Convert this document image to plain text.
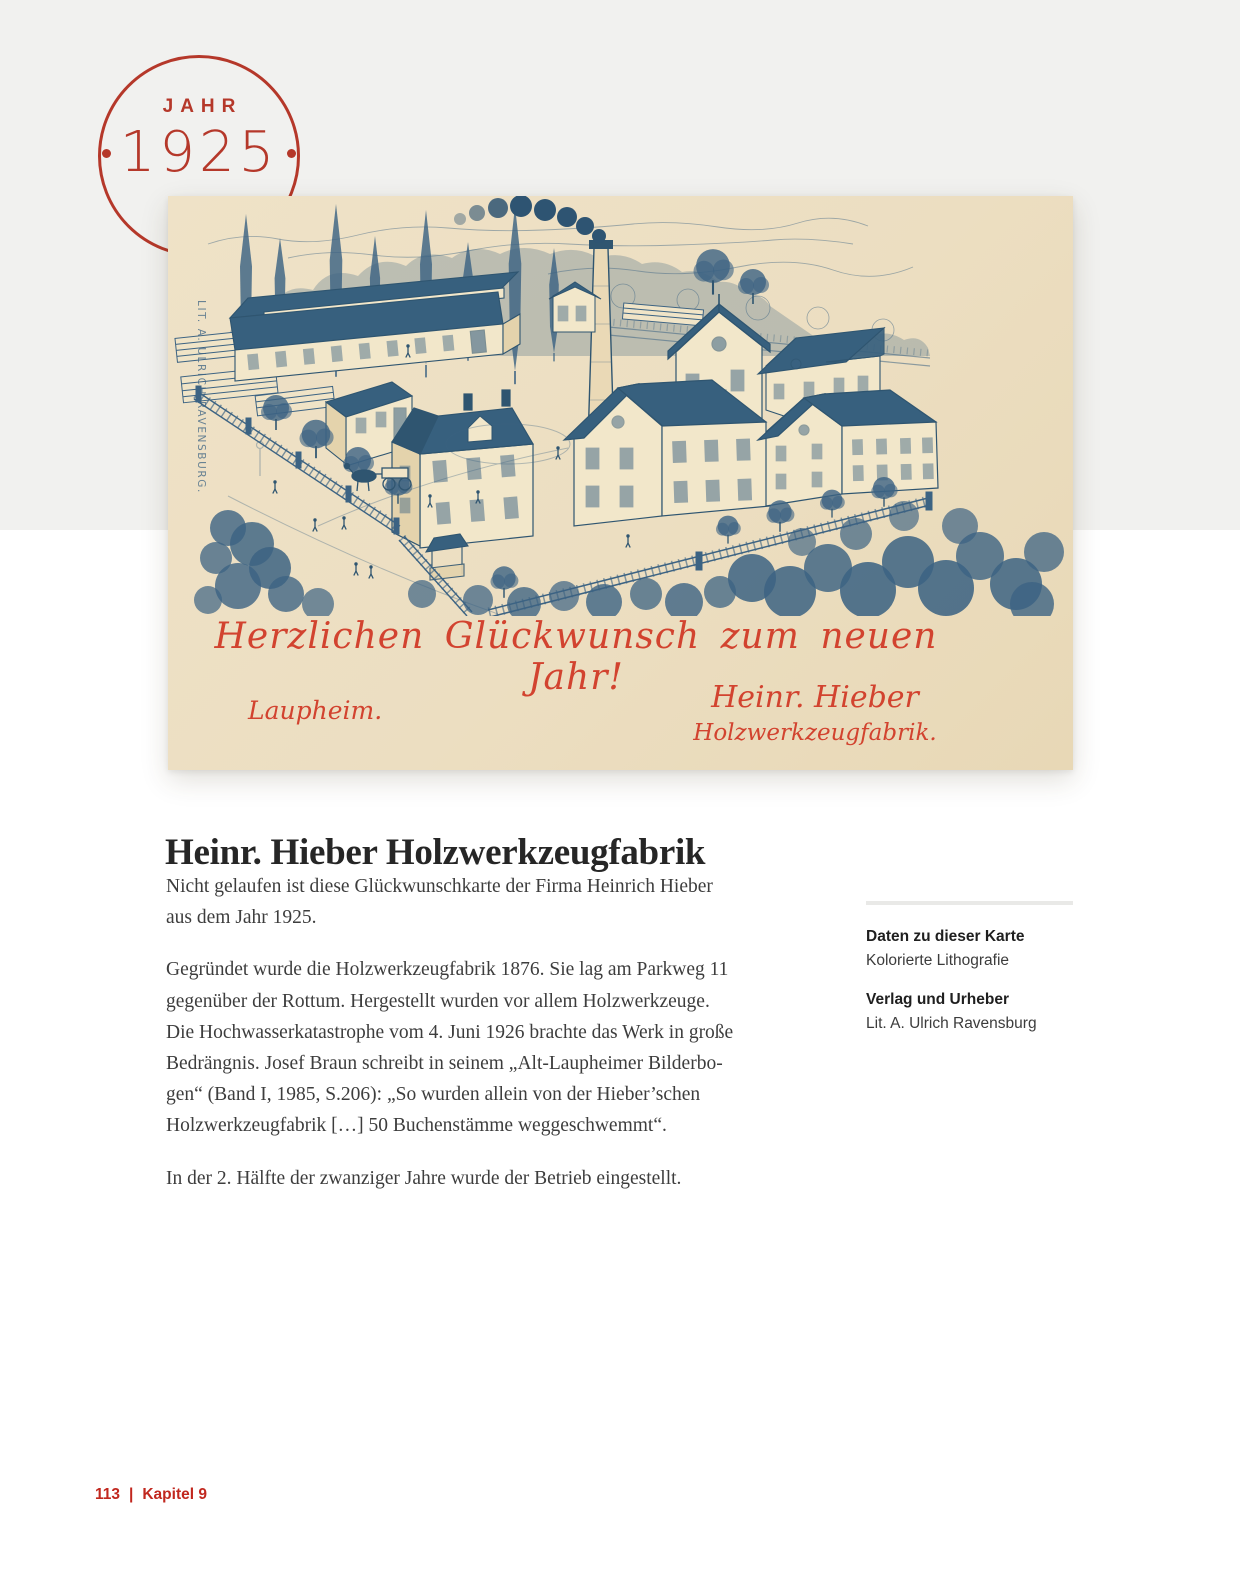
JAHR
1925
LIT. A. ULRICH RAVENSBURG.
Herzlichen Glückwunsch zum neuen Jahr!
Laupheim.	Heinr. Hieber
Holzwerkzeugfabrik.
Heinr. Hieber Holzwerkzeugfabrik

Nicht gelaufen ist diese Glückwunschkarte der Firma Heinrich Hieber
aus dem Jahr 1925.

Gegründet wurde die Holzwerkzeugfabrik 1876. Sie lag am Parkweg 11
gegenüber der Rottum. Hergestellt wurden vor allem Holzwerkzeuge.
Die Hochwasserkatastrophe vom 4. Juni 1926 brachte das Werk in große
Bedrängnis. Josef Braun schreibt in seinem „Alt-Laupheimer Bilderbo-
gen“ (Band I, 1985, S.206): „So wurden allein von der Hieber’schen
Holzwerkzeugfabrik […] 50 Buchenstämme weggeschwemmt“.

In der 2. Hälfte der zwanziger Jahre wurde der Betrieb eingestellt.

Daten zu dieser Karte
Kolorierte Lithografie
Verlag und Urheber
Lit. A. Ulrich Ravensburg
113 | Kapitel 9
